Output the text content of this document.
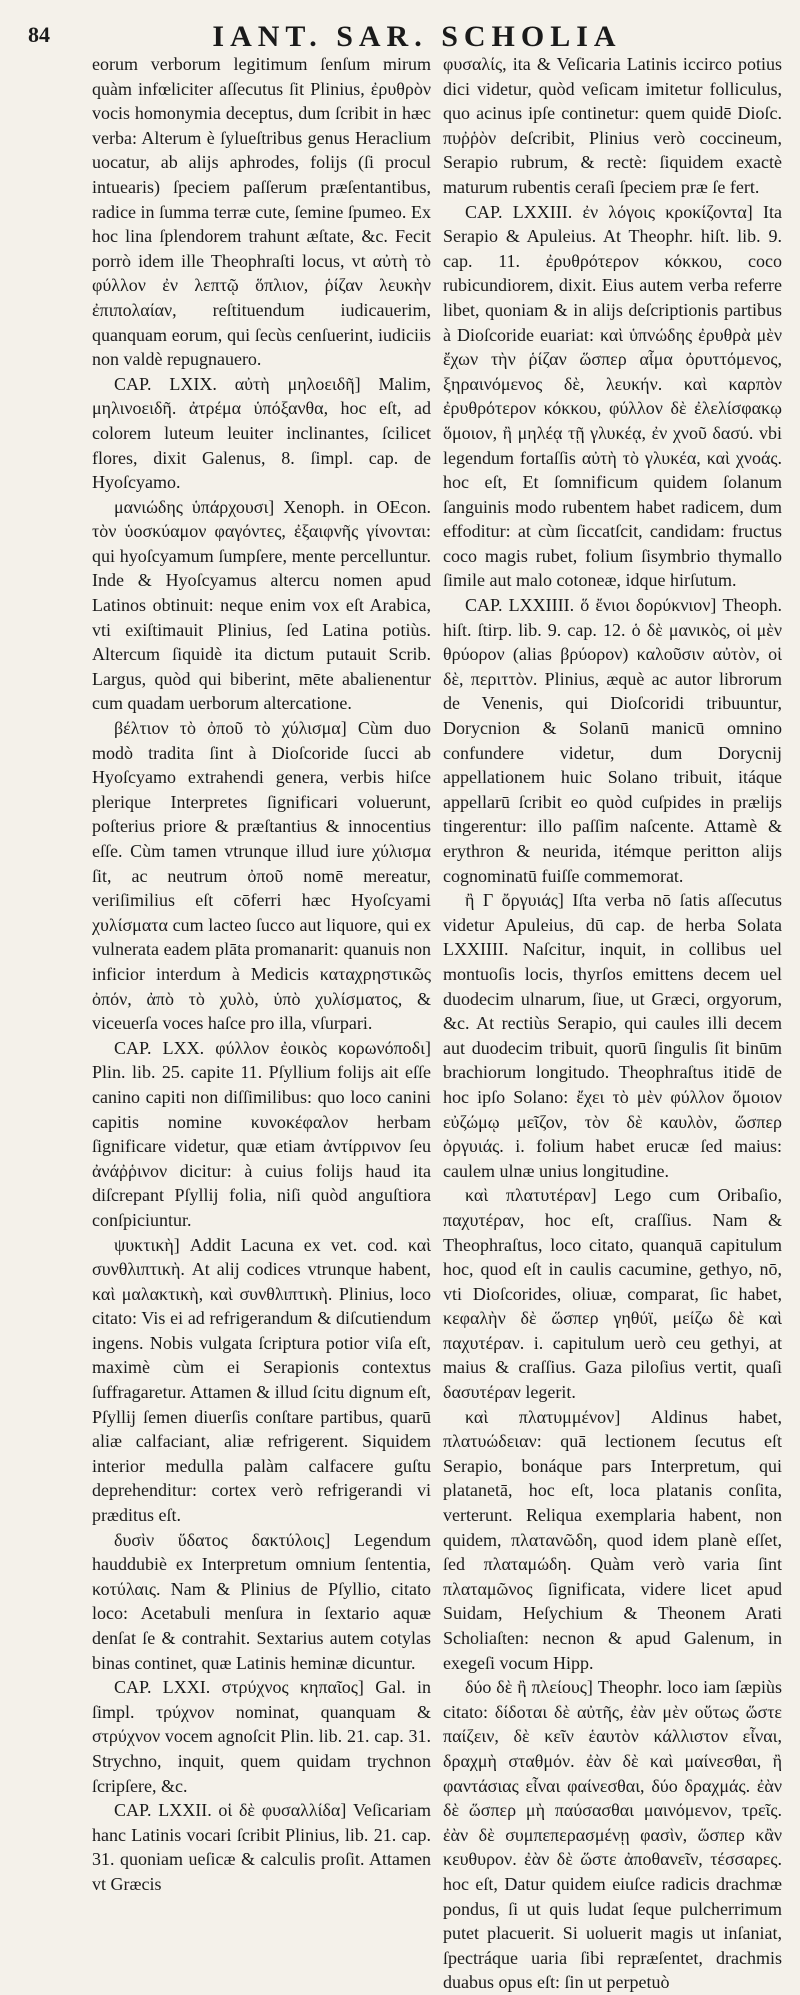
84	IANT. SAR. SCHOLIA

eorum verborum legitimum ſenſum mirum quàm infœliciter aſſecutus ſit Plinius, ἐρυθρὸν vocis homonymia deceptus, dum ſcribit in hæc verba: Alterum è ſylueſtribus genus Heraclium uocatur, ab alijs aphrodes, folijs (ſi procul intuearis) ſpeciem paſſerum præſentantibus, radice in ſumma terræ cute, ſemine ſpumeo. Ex hoc lina ſplendorem trahunt æſtate, &c. Fecit porrò idem ille Theophraſti locus, vt αὐτὴ τὸ φύλλον ἐν λεπτῷ ὅπλιον, ῥίζαν λευκὴν ἐπιπολαίαν, reſtituendum iudicauerim, quanquam eorum, qui ſecùs cenſuerint, iudiciis non valdè repugnauero.

CAP. LXIX. αὐτὴ μηλοειδῆ] Malim, μηλινοειδῆ. ἀτρέμα ὑπόξανθα, hoc eſt, ad colorem luteum leuiter inclinantes, ſcilicet flores, dixit Galenus, 8. ſimpl. cap. de Hyoſcyamo.

μανιώδης ὑπάρχουσι] Xenoph. in OEcon. τὸν ὑοσκύαμον φαγόντες, ἐξαιφνῆς γίνονται: qui hyoſcyamum ſumpſere, mente percelluntur. Inde & Hyoſcyamus altercu nomen apud Latinos obtinuit: neque enim vox eſt Arabica, vti exiſtimauit Plinius, ſed Latina potiùs. Altercum ſiquidè ita dictum putauit Scrib. Largus, quòd qui biberint, mēte abalienentur cum quadam uerborum altercatione.

βέλτιον τὸ ὀποῦ τὸ χύλισμα] Cùm duo modò tradita ſint à Dioſcoride ſucci ab Hyoſcyamo extrahendi genera, verbis hiſce plerique Interpretes ſignificari voluerunt, poſterius priore & præſtantius & innocentius eſſe. Cùm tamen vtrunque illud iure χύλισμα ſit, ac neutrum ὀποῦ nomē mereatur, veriſimilius eſt cōferri hæc Hyoſcyami χυλίσματα cum lacteo ſucco aut liquore, qui ex vulnerata eadem plāta promanarit: quanuis non inficior interdum à Medicis καταχρηστικῶς ὀπόν, ἀπὸ τὸ χυλὸ, ὑπὸ χυλίσματος, & viceuerſa voces haſce pro illa, vſurpari.

CAP. LXX. φύλλον ἐοικὸς κορωνόποδι] Plin. lib. 25. capite 11. Pſyllium folijs ait eſſe canino capiti non diſſimilibus: quo loco canini capitis nomine κυνοκέφαλον herbam ſignificare videtur, quæ etiam ἀντίρρινον ſeu ἀνάῤῥινον dicitur: à cuius folijs haud ita diſcrepant Pſyllij folia, niſi quòd anguſtiora conſpiciuntur.

ψυκτικὴ] Addit Lacuna ex vet. cod. καὶ συνθλιπτικὴ. At alij codices vtrunque habent, καὶ μαλακτικὴ, καὶ συνθλιπτικὴ. Plinius, loco citato: Vis ei ad refrigerandum & diſcutiendum ingens. Nobis vulgata ſcriptura potior viſa eſt, maximè cùm ei Serapionis contextus ſuffragaretur. Attamen & illud ſcitu dignum eſt, Pſyllij ſemen diuerſis conſtare partibus, quarū aliæ calfaciant, aliæ refrigerent. Siquidem interior medulla palàm calfacere guſtu deprehenditur: cortex verò refrigerandi vi præditus eſt.

δυσὶν ὕδατος δακτύλοις] Legendum hauddubiè ex Interpretum omnium ſententia, κοτύλαις. Nam & Plinius de Pſyllio, citato loco: Acetabuli menſura in ſextario aquæ denſat ſe & contrahit. Sextarius autem cotylas binas continet, quæ Latinis heminæ dicuntur.

CAP. LXXI. στρύχνος κηπαῖος] Gal. in ſimpl. τρύχνον nominat, quanquam & στρύχνον vocem agnoſcit Plin. lib. 21. cap. 31. Strychno, inquit, quem quidam trychnon ſcripſere, &c.

CAP. LXXII. οἱ δὲ φυσαλλίδα] Veſicariam hanc Latinis vocari ſcribit Plinius, lib. 21. cap. 31. quoniam ueſicæ & calculis proſit. Attamen vt Græcis

φυσαλίς, ita & Veſicaria Latinis iccirco potius dici videtur, quòd veſicam imitetur folliculus, quo acinus ipſe continetur: quem quidē Dioſc. πυῤῥὸν deſcribit, Plinius verò coccineum, Serapio rubrum, & rectè: ſiquidem exactè maturum rubentis ceraſi ſpeciem præ ſe fert.

CAP. LXXIII. ἐν λόγοις κροκίζοντα] Ita Serapio & Apuleius. At Theophr. hiſt. lib. 9. cap. 11. ἐρυθρότερον κόκκου, coco rubicundiorem, dixit. Eius autem verba referre libet, quoniam & in alijs deſcriptionis partibus à Dioſcoride euariat: καὶ ὑπνώδης ἐρυθρὰ μὲν ἔχων τὴν ῥίζαν ὥσπερ αἷμα ὀρυττόμενος, ξηραινόμενος δὲ, λευκήν. καὶ καρπὸν ἐρυθρότερον κόκκου, φύλλον δὲ ἐλελίσφακῳ ὅμοιον, ἢ μηλέᾳ τῇ γλυκέᾳ, ἐν χνοῦ δασύ. vbi legendum fortaſſis αὐτὴ τὸ γλυκέα, καὶ χνοάς. hoc eſt, Et ſomnificum quidem ſolanum ſanguinis modo rubentem habet radicem, dum effoditur: at cùm ſiccatſcit, candidam: fructus coco magis rubet, folium ſisymbrio thymallo ſimile aut malo cotoneæ, idque hirſutum.

CAP. LXXIIII. ὅ ἔνιοι δορύκνιον] Theoph. hiſt. ſtirp. lib. 9. cap. 12. ὁ δὲ μανικὸς, οἱ μὲν θρύορον (alias βρύορον) καλοῦσιν αὐτὸν, οἱ δὲ, περιττὸν. Plinius, æquè ac autor librorum de Venenis, qui Dioſcoridi tribuuntur, Dorycnion & Solanū manicū omnino confundere videtur, dum Dorycnij appellationem huic Solano tribuit, itáque appellarū ſcribit eo quòd cuſpides in prælijs tingerentur: illo paſſim naſcente. Attamè & erythron & neurida, itémque peritton alijs cognominatū fuiſſe commemorat.

ἢ Γ ὄργυιάς] Iſta verba nō ſatis aſſecutus videtur Apuleius, dū cap. de herba Solata LXXIIII. Naſcitur, inquit, in collibus uel montuoſis locis, thyrſos emittens decem uel duodecim ulnarum, ſiue, ut Græci, orgyorum, &c. At rectiùs Serapio, qui caules illi decem aut duodecim tribuit, quorū ſingulis ſit binūm brachiorum longitudo. Theophraſtus itidē de hoc ipſo Solano: ἔχει τὸ μὲν φύλλον ὅμοιον εὐζώμῳ μεῖζον, τὸν δὲ καυλὸν, ὥσπερ ὀργυιάς. i. folium habet erucæ ſed maius: caulem ulnæ unius longitudine.

καὶ πλατυτέραν] Lego cum Oribaſio, παχυτέραν, hoc eſt, craſſius. Nam & Theophraſtus, loco citato, quanquā capitulum hoc, quod eſt in caulis cacumine, gethyo, nō, vti Dioſcorides, oliuæ, comparat, ſic habet, κεφαλὴν δὲ ὥσπερ γηθύϊ, μείζω δὲ καὶ παχυτέραν. i. capitulum uerò ceu gethyi, at maius & craſſius. Gaza piloſius vertit, quaſi δασυτέραν legerit.

καὶ πλατυμμένον] Aldinus habet, πλατυώδειαν: quā lectionem ſecutus eſt Serapio, bonáque pars Interpretum, qui platanetā, hoc eſt, loca platanis conſita, verterunt. Reliqua exemplaria habent, non quidem, πλατανῶδη, quod idem planè eſſet, ſed πλαταμώδη. Quàm verò varia ſint πλαταμῶνος ſignificata, videre licet apud Suidam, Heſychium & Theonem Arati Scholiaſten: necnon & apud Galenum, in exegeſi vocum Hipp.

δύο δὲ ἢ πλείους] Theophr. loco iam ſæpiùs citato: δίδοται δὲ αὐτῆς, ἐὰν μὲν οὕτως ὥστε παίζειν, δὲ κεῖν ἑαυτὸν κάλλιστον εἶναι, δραχμὴ σταθμόν. ἐὰν δὲ καὶ μαίνεσθαι, ἢ φαντάσιας εἶναι φαίνεσθαι, δύο δραχμάς. ἐὰν δὲ ὥσπερ μὴ παύσασθαι μαινόμενον, τρεῖς. ἐὰν δὲ συμπεπερασμένῃ φασὶν, ὥσπερ κἂν κευθυρον. ἐὰν δὲ ὥστε ἀποθανεῖν, τέσσαρες. hoc eſt, Datur quidem eiuſce radicis drachmæ pondus, ſi ut quis ludat ſeque pulcherrimum putet placuerit. Si uoluerit magis ut inſaniat, ſpectráque uaria ſibi repræſentet, drachmis duabus opus eſt: ſin ut perpetuò
